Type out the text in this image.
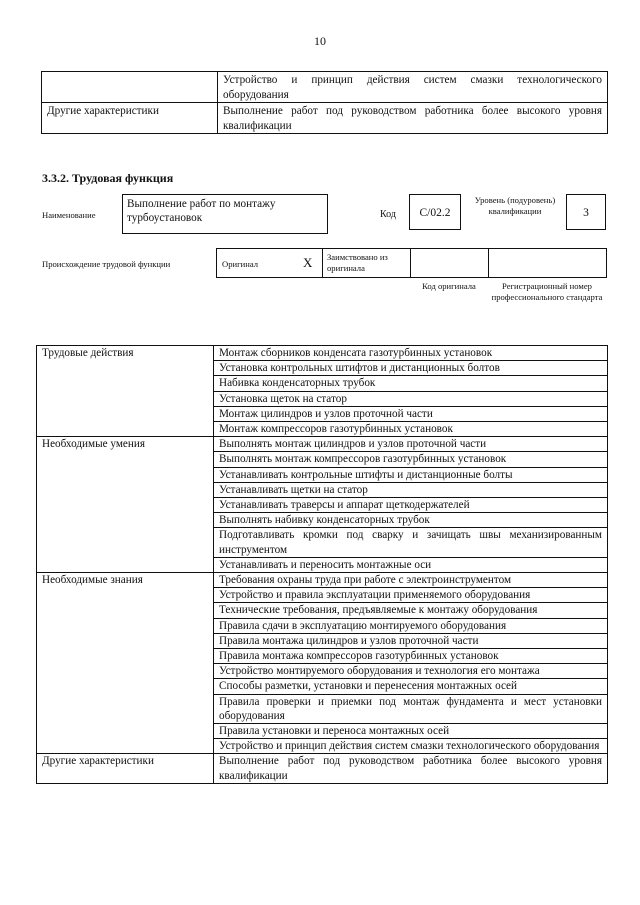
10
	Устройство и принцип действия систем смазки технологического оборудования
Другие характеристики	Выполнение работ под руководством работника более высокого уровня квалификации
3.3.2. Трудовая функция
Наименование
Выполнение работ по монтажу турбоустановок	Код	C/02.2
Уровень (подуровень) квалификации	3
Происхождение трудовой функции	Оригинал	X Заимствовано из оригинала
Код оригинала	Регистрационный номер профессионального стандарта
Трудовые действия	Монтаж сборников конденсата газотурбинных установок
	Установка контрольных штифтов и дистанционных болтов
	Набивка конденсаторных трубок
	Установка щеток на статор
	Монтаж цилиндров и узлов проточной части
	Монтаж компрессоров газотурбинных установок
Необходимые умения	Выполнять монтаж цилиндров и узлов проточной части
	Выполнять монтаж компрессоров газотурбинных установок
	Устанавливать контрольные штифты и дистанционные болты
	Устанавливать щетки на статор
	Устанавливать траверсы и аппарат щеткодержателей
	Выполнять набивку конденсаторных трубок
	Подготавливать кромки под сварку и зачищать швы механизированным инструментом
	Устанавливать и переносить монтажные оси
Необходимые знания	Требования охраны труда при работе с электроинструментом
	Устройство и правила эксплуатации применяемого оборудования
	Технические требования, предъявляемые к монтажу оборудования
	Правила сдачи в эксплуатацию монтируемого оборудования
	Правила монтажа цилиндров и узлов проточной части
	Правила монтажа компрессоров газотурбинных установок
	Устройство монтируемого оборудования и технология его монтажа
	Способы разметки, установки и перенесения монтажных осей
	Правила проверки и приемки под монтаж фундамента и мест установки оборудования
	Правила установки и переноса монтажных осей
	Устройство и принцип действия систем смазки технологического оборудования
Другие характеристики	Выполнение работ под руководством работника более высокого уровня квалификации
